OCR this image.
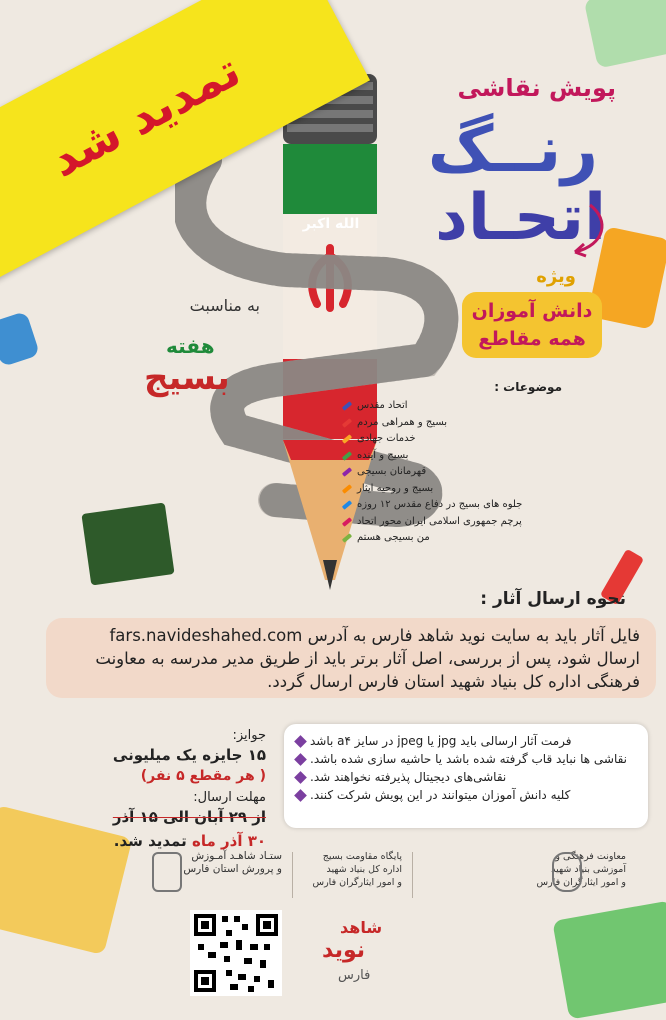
الله اکبر
تمدید شد	پویش نقاشی
رنــگ
اتحـاد
ویژه
دانش آموزان
همه مقاطع
به مناسبت
هفته
بسیج	موضوعات :
اتحاد مقدس
بسیج و همراهی مردم
خدمات جهادی
بسیج و آینده
قهرمانان بسیجی
بسیج و روحیه ایثار
جلوه های بسیج در دفاع مقدس ۱۲ روزه
پرچم جمهوری اسلامی ایران محور اتحاد
من بسیجی هستم
نحوه ارسال آثار :
فایل آثار باید به سایت نوید شاهد فارس به آدرس fars.navideshahed.com ارسال شود، پس از بررسی، اصل آثار برتر باید از طریق مدیر مدرسه به معاونت فرهنگی اداره کل بنیاد شهید استان فارس ارسال گردد.
فرمت آثار ارسالی باید jpg یا jpeg در سایز a۴ باشد
نقاشی ها نباید قاب گرفته شده باشد یا حاشیه سازی شده باشد.
نقاشی‌های دیجیتال پذیرفته نخواهند شد.
کلیه دانش آموزان میتوانند در این پویش شرکت کنند.
جوایز:
۱۵ جایزه یک میلیونی
( هر مقطع ۵ نفر)
مهلت ارسال:
از ۲۹ آبان الی ۱۵ آذر
۳۰ آذر ماه تمدید شد.
معاونت فرهنگی و
آموزشی بنیاد شهید
و امور ایثارگران فارس
پایگاه مقاومت بسیج
اداره کل بنیاد شهید
و امور ایثارگران فارس
ستـاد شاهـد آمـوزش
و پرورش استان فارس
نوید
شاهد
فارس
